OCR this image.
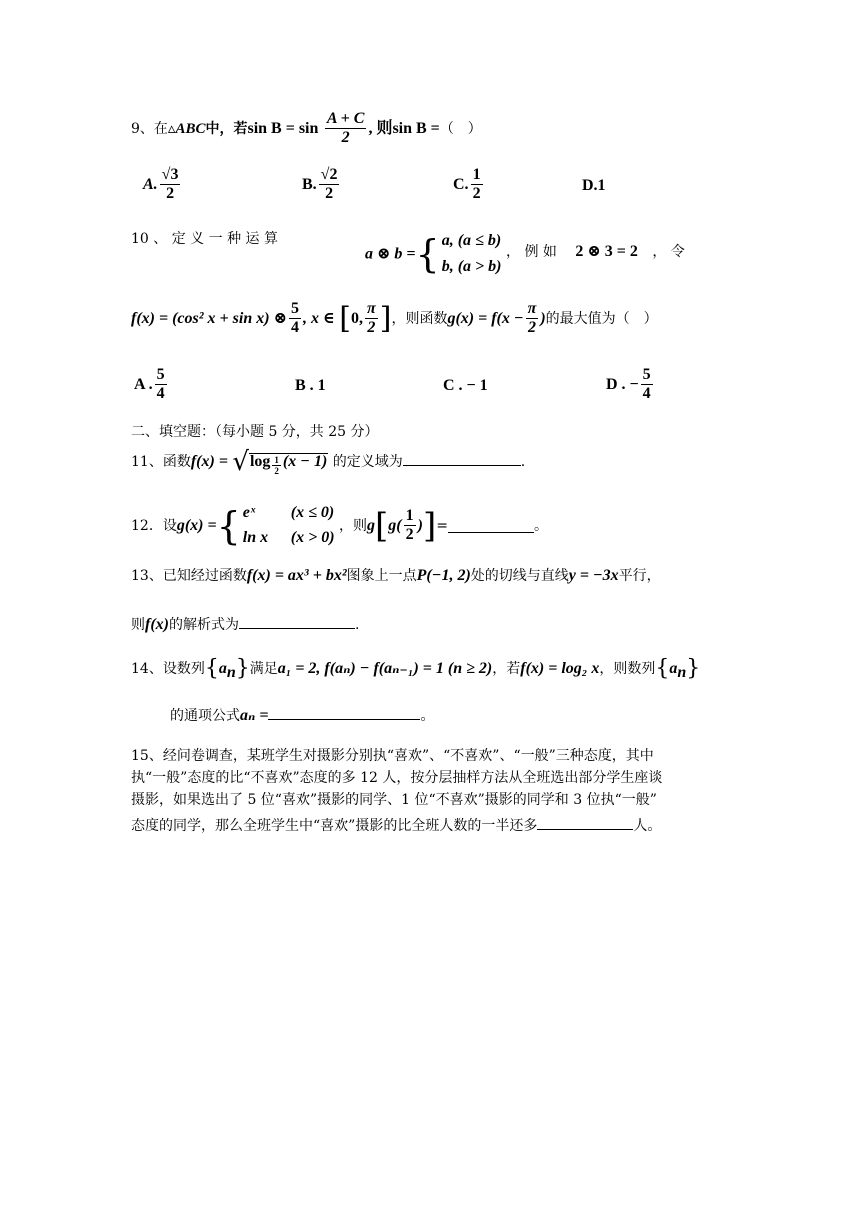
9、在▵ABC中，若$\sin B = \sin \frac{A + C}{2}$ , 则sin B =（　）
A. $\frac{√3}{2}$	B. $\frac{√2}{2}$	C. $\frac{1}{2}$	D.1
10 、 定 义 一 种 运 算
a ⊗ b ={ a, (a ≤ b)
b, (a > b)
， 例 如 2 ⊗ 3 = 2 ， 令
f(x) = (cos² x + sin x) ⊗ $\frac{5}{4}$ , x ∈ [0, $\frac{\pi}{2}$ ]，则函数$g(x) = f(x - \frac{\pi}{2}$ )的最大值为（　）
A . $\frac{5}{4}$	B . 1	C . − 1	D . − $\frac{5}{4}$
二、填空题：（每小题 5 分，共 25 分）
11、函数$f(x) = √\log \frac{1}{2} (x - 1)$ 的定义域为	.
12．设g(x) ={ eˣ (x ≤ 0)
ln x (x > 0)
，则$g[g( \frac{1}{2}$ )]=	。
13、已知经过函数f(x) = ax³ + bx²图象上一点P(−1, 2)处的切线与直线y = −3x平行，
则f(x)的解析式为	.
14、设数列$\{a_n\}$满足a₁ = 2, f(aₙ) − f(aₙ₋₁) = 1 (n ≥ 2)，若f(x) = log₂ x，则数列$\{a_n\}$
的通项公式aₙ =	。
15、经问卷调查，某班学生对摄影分别执“喜欢”、“不喜欢”、“一般”三种态度，其中
执“一般”态度的比“不喜欢”态度的多 12 人，按分层抽样方法从全班选出部分学生座谈
摄影，如果选出了 5 位“喜欢”摄影的同学、1 位“不喜欢”摄影的同学和 3 位执“一般”
态度的同学，那么全班学生中“喜欢”摄影的比全班人数的一半还多	人。
